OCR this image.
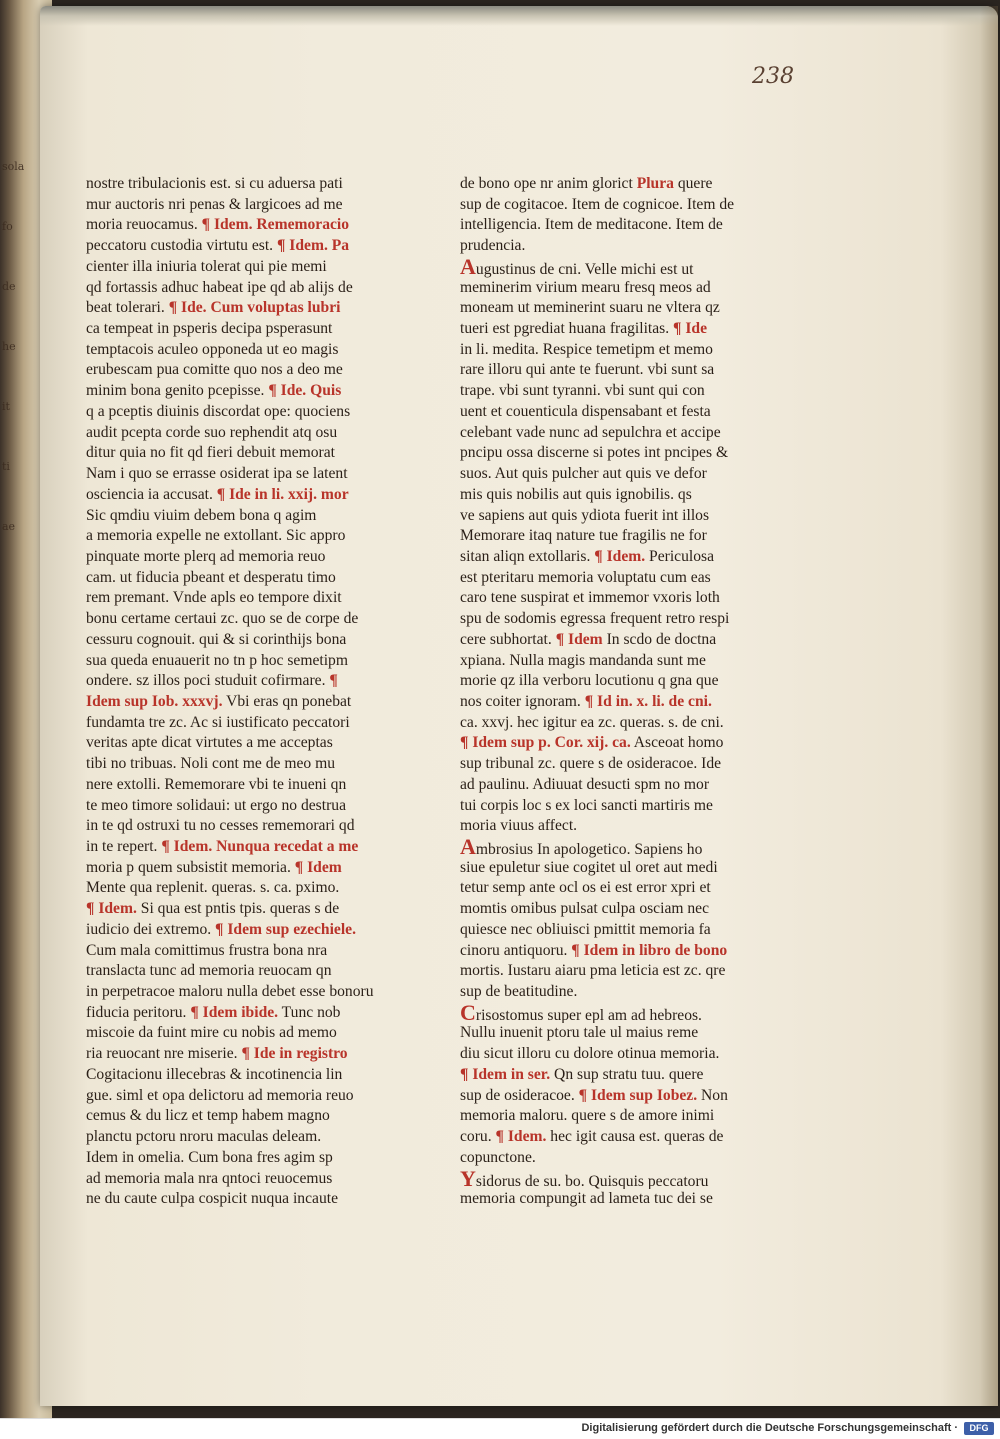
sola
fo
de
he
it
ti
ae
238
nostre tribulacionis est. si cu aduersa pati
mur auctoris nri penas & largicoes ad me
moria reuocamus. ¶ Idem. Rememoracio
peccatoru custodia virtutu est. ¶ Idem. Pa
cienter illa iniuria tolerat qui pie memi
qd fortassis adhuc habeat ipe qd ab alijs de
beat tolerari. ¶ Ide. Cum voluptas lubri
ca tempeat in psperis decipa psperasunt
temptacois aculeo opponeda ut eo magis
erubescam pua comitte quo nos a deo me
minim bona genito pcepisse. ¶ Ide. Quis
q a pceptis diuinis discordat ope: quociens
audit pcepta corde suo rephendit atq osu
ditur quia no fit qd fieri debuit memorat
Nam i quo se errasse osiderat ipa se latent
osciencia ia accusat. ¶ Ide in li. xxij. mor
Sic qmdiu viuim debem bona q agim
a memoria expelle ne extollant. Sic appro
pinquate morte plerq ad memoria reuo
cam. ut fiducia pbeant et desperatu timo
rem premant. Vnde apls eo tempore dixit
bonu certame certaui zc. quo se de corpe de
cessuru cognouit. qui & si corinthijs bona
sua queda enuauerit no tn p hoc semetipm
ondere. sz illos poci studuit cofirmare. ¶
Idem sup Iob. xxxvj. Vbi eras qn ponebat
fundamta tre zc. Ac si iustificato peccatori
veritas apte dicat virtutes a me acceptas
tibi no tribuas. Noli cont me de meo mu
nere extolli. Rememorare vbi te inueni qn
te meo timore solidaui: ut ergo no destrua
in te qd ostruxi tu no cesses rememorari qd
in te repert. ¶ Idem. Nunqua recedat a me
moria p quem subsistit memoria. ¶ Idem
Mente qua replenit. queras. s. ca. pximo.
¶ Idem. Si qua est pntis tpis. queras s de
iudicio dei extremo. ¶ Idem sup ezechiele.
Cum mala comittimus frustra bona nra
translacta tunc ad memoria reuocam qn
in perpetracoe maloru nulla debet esse bonoru
fiducia peritoru. ¶ Idem ibide. Tunc nob
miscoie da fuint mire cu nobis ad memo
ria reuocant nre miserie. ¶ Ide in registro
Cogitacionu illecebras & incotinencia lin
gue. siml et opa delictoru ad memoria reuo
cemus & du licz et temp habem magno
planctu pctoru nroru maculas deleam.
Idem in omelia. Cum bona fres agim sp
ad memoria mala nra qntoci reuocemus
ne du caute culpa cospicit nuqua incaute
de bono ope nr anim glorict Plura quere
sup de cogitacoe. Item de cognicoe. Item de
intelligencia. Item de meditacone. Item de
prudencia.
Augustinus de cni. Velle michi est ut
meminerim virium mearu fresq meos ad
moneam ut meminerint suaru ne vltera qz
tueri est pgrediat huana fragilitas. ¶ Ide
in li. medita. Respice temetipm et memo
rare illoru qui ante te fuerunt. vbi sunt sa
trape. vbi sunt tyranni. vbi sunt qui con
uent et couenticula dispensabant et festa
celebant vade nunc ad sepulchra et accipe
pncipu ossa discerne si potes int pncipes &
suos. Aut quis pulcher aut quis ve defor
mis quis nobilis aut quis ignobilis. qs
ve sapiens aut quis ydiota fuerit int illos
Memorare itaq nature tue fragilis ne for
sitan aliqn extollaris. ¶ Idem. Periculosa
est pteritaru memoria voluptatu cum eas
caro tene suspirat et immemor vxoris loth
spu de sodomis egressa frequent retro respi
cere subhortat. ¶ Idem In scdo de doctna
xpiana. Nulla magis mandanda sunt me
morie qz illa verboru locutionu q gna que
nos coiter ignoram. ¶ Id in. x. li. de cni.
ca. xxvj. hec igitur ea zc. queras. s. de cni.
¶ Idem sup p. Cor. xij. ca. Asceoat homo
sup tribunal zc. quere s de osideracoe. Ide
ad paulinu. Adiuuat desucti spm no mor
tui corpis loc s ex loci sancti martiris me
moria viuus affect.
Ambrosius In apologetico. Sapiens ho
siue epuletur siue cogitet ul oret aut medi
tetur semp ante ocl os ei est error xpri et
momtis omibus pulsat culpa osciam nec
quiesce nec obliuisci pmittit memoria fa
cinoru antiquoru. ¶ Idem in libro de bono
mortis. Iustaru aiaru pma leticia est zc. qre
sup de beatitudine.
Crisostomus super epl am ad hebreos.
Nullu inuenit ptoru tale ul maius reme
diu sicut illoru cu dolore otinua memoria.
¶ Idem in ser. Qn sup stratu tuu. quere
sup de osideracoe. ¶ Idem sup Iobez. Non
memoria maloru. quere s de amore inimi
coru. ¶ Idem. hec igit causa est. queras de
copunctone.
Ysidorus de su. bo. Quisquis peccatoru
memoria compungit ad lameta tuc dei se
Digitalisierung gefördert durch die Deutsche Forschungsgemeinschaft ·	DFG
